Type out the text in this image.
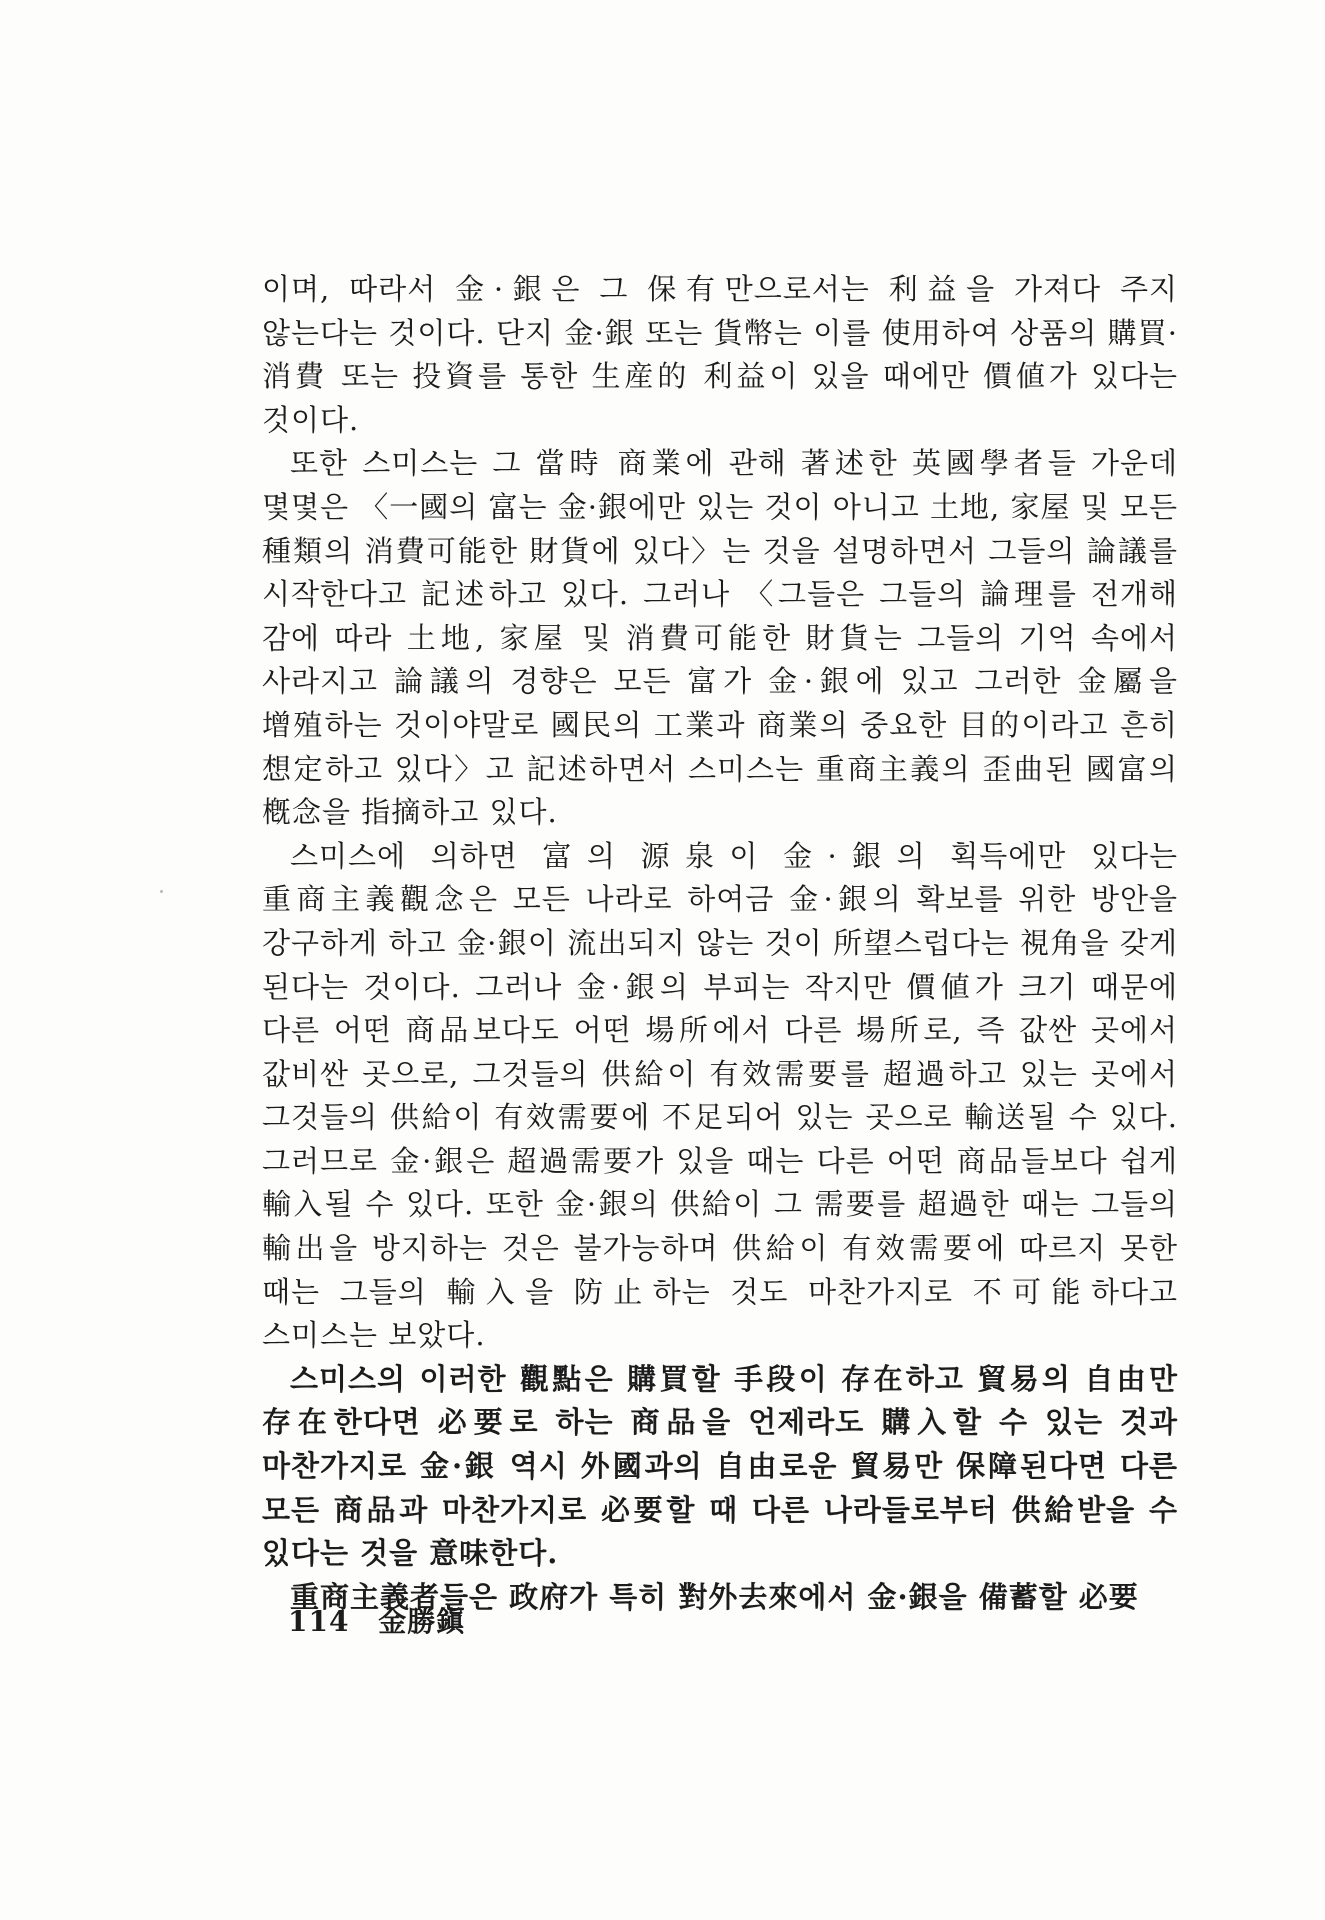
이며, 따라서 金·銀은 그 保有만으로서는 利益을 가져다 주지 않는다는 것이다. 단지 金·銀 또는 貨幣는 이를 使用하여 상품의 購買·消費 또는 投資를 통한 生産的 利益이 있을 때에만 價値가 있다는 것이다.

또한 스미스는 그 當時 商業에 관해 著述한 英國學者들 가운데 몇몇은 〈一國의 富는 金·銀에만 있는 것이 아니고 土地, 家屋 및 모든 種類의 消費可能한 財貨에 있다〉는 것을 설명하면서 그들의 論議를 시작한다고 記述하고 있다. 그러나 〈그들은 그들의 論理를 전개해 감에 따라 土地, 家屋 및 消費可能한 財貨는 그들의 기억 속에서 사라지고 論議의 경향은 모든 富가 金·銀에 있고 그러한 金屬을 增殖하는 것이야말로 國民의 工業과 商業의 중요한 目的이라고 흔히 想定하고 있다〉고 記述하면서 스미스는 重商主義의 歪曲된 國富의 槪念을 指摘하고 있다.

스미스에 의하면 富의 源泉이 金·銀의 획득에만 있다는 重商主義觀念은 모든 나라로 하여금 金·銀의 확보를 위한 방안을 강구하게 하고 金·銀이 流出되지 않는 것이 所望스럽다는 視角을 갖게 된다는 것이다. 그러나 金·銀의 부피는 작지만 價値가 크기 때문에 다른 어떤 商品보다도 어떤 場所에서 다른 場所로, 즉 값싼 곳에서 값비싼 곳으로, 그것들의 供給이 有效需要를 超過하고 있는 곳에서 그것들의 供給이 有效需要에 不足되어 있는 곳으로 輸送될 수 있다. 그러므로 金·銀은 超過需要가 있을 때는 다른 어떤 商品들보다 쉽게 輸入될 수 있다. 또한 金·銀의 供給이 그 需要를 超過한 때는 그들의 輸出을 방지하는 것은 불가능하며 供給이 有效需要에 따르지 못한 때는 그들의 輸入을 防止하는 것도 마찬가지로 不可能하다고 스미스는 보았다.

스미스의 이러한 觀點은 購買할 手段이 存在하고 貿易의 自由만 存在한다면 必要로 하는 商品을 언제라도 購入할 수 있는 것과 마찬가지로 金·銀 역시 外國과의 自由로운 貿易만 保障된다면 다른 모든 商品과 마찬가지로 必要할 때 다른 나라들로부터 供給받을 수 있다는 것을 意味한다.

重商主義者들은 政府가 특히 對外去來에서 金·銀을 備蓄할 必要

114 金勝鎭
